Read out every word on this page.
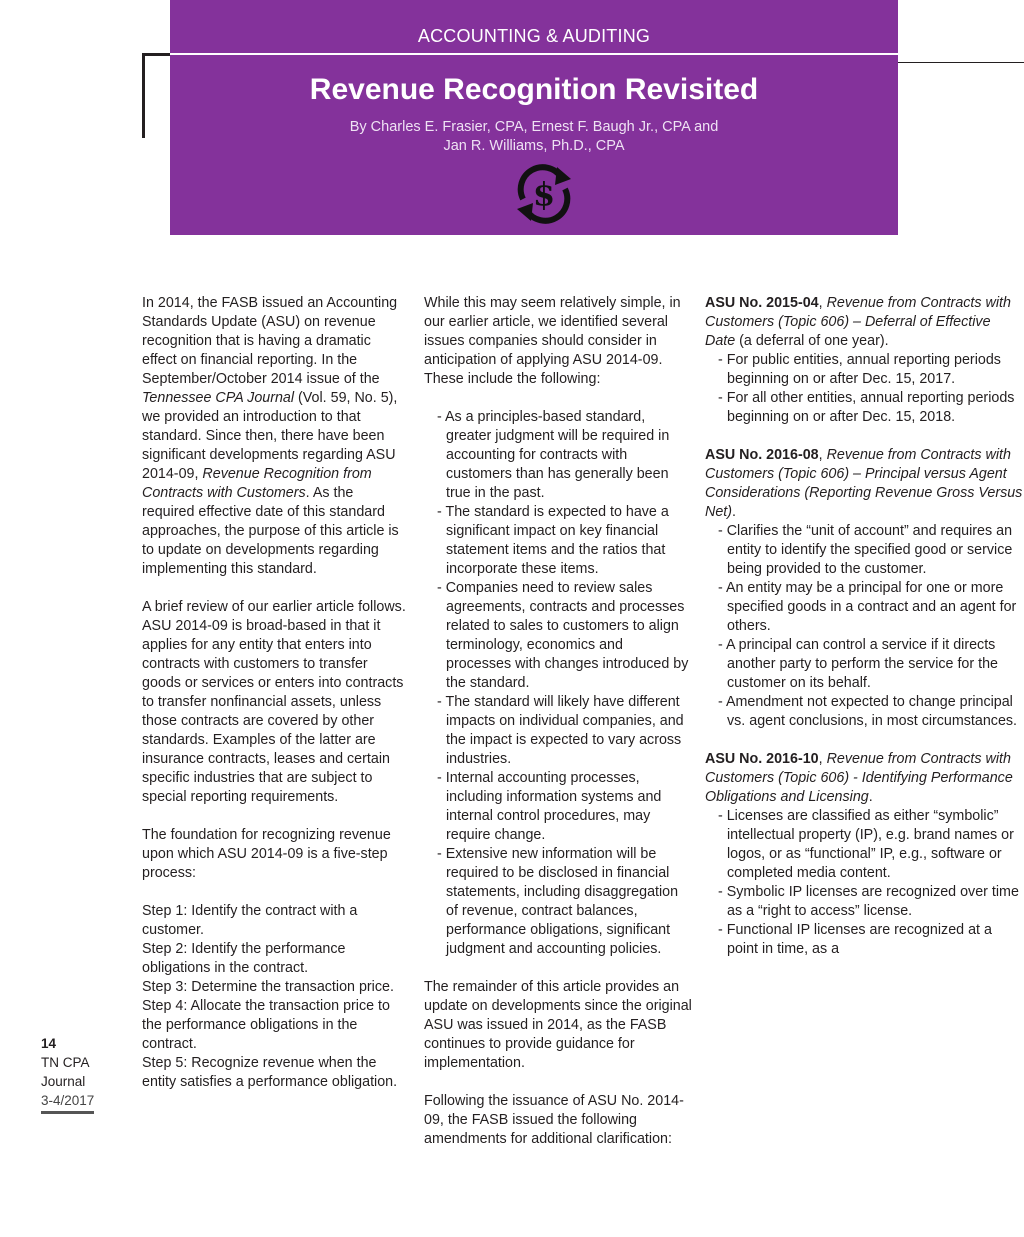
ACCOUNTING & AUDITING
Revenue Recognition Revisited
By Charles E. Frasier, CPA, Ernest F. Baugh Jr., CPA and
Jan R. Williams, Ph.D., CPA
$

In 2014, the FASB issued an Accounting Standards Update (ASU) on revenue recognition that is having a dramatic effect on financial reporting. In the September/October 2014 issue of the Tennessee CPA Journal (Vol. 59, No. 5), we provided an introduction to that standard. Since then, there have been significant developments regarding ASU 2014-09, Revenue Recognition from Contracts with Customers. As the required effective date of this standard approaches, the purpose of this article is to update on developments regarding implementing this standard.

A brief review of our earlier article follows. ASU 2014-09 is broad-based in that it applies for any entity that enters into contracts with customers to transfer goods or services or enters into contracts to transfer nonfinancial assets, unless those contracts are covered by other standards. Examples of the latter are insurance contracts, leases and certain specific industries that are subject to special reporting requirements.

The foundation for recognizing revenue upon which ASU 2014-09 is a five-step process:

Step 1: Identify the contract with a customer.

Step 2: Identify the performance obligations in the contract.

Step 3: Determine the transaction price.

Step 4: Allocate the transaction price to the performance obligations in the contract.

Step 5: Recognize revenue when the entity satisfies a performance obligation.

While this may seem relatively simple, in our earlier article, we identified several issues companies should consider in anticipation of applying ASU 2014-09. These include the following:

- As a principles-based standard, greater judgment will be required in accounting for contracts with customers than has generally been true in the past.

- The standard is expected to have a significant impact on key financial statement items and the ratios that incorporate these items.

- Companies need to review sales agreements, contracts and processes related to sales to customers to align terminology, economics and processes with changes introduced by the standard.

- The standard will likely have different impacts on individual companies, and the impact is expected to vary across industries.

- Internal accounting processes, including information systems and internal control procedures, may require change.

- Extensive new information will be required to be disclosed in financial statements, including disaggregation of revenue, contract balances, performance obligations, significant judgment and accounting policies.

The remainder of this article provides an update on developments since the original ASU was issued in 2014, as the FASB continues to provide guidance for implementation.

Following the issuance of ASU No. 2014-09, the FASB issued the following amendments for additional clarification:

ASU No. 2015-04, Revenue from Contracts with Customers (Topic 606) – Deferral of Effective Date (a deferral of one year).

- For public entities, annual reporting periods beginning on or after Dec. 15, 2017.

- For all other entities, annual reporting periods beginning on or after Dec. 15, 2018.

ASU No. 2016-08, Revenue from Contracts with Customers (Topic 606) – Principal versus Agent Considerations (Reporting Revenue Gross Versus Net).

- Clarifies the “unit of account” and requires an entity to identify the specified good or service being provided to the customer.

- An entity may be a principal for one or more specified goods in a contract and an agent for others.

- A principal can control a service if it directs another party to perform the service for the customer on its behalf.

- Amendment not expected to change principal vs. agent conclusions, in most circumstances.

ASU No. 2016-10, Revenue from Contracts with Customers (Topic 606) - Identifying Performance Obligations and Licensing.

- Licenses are classified as either “symbolic” intellectual property (IP), e.g. brand names or logos, or as “functional” IP, e.g., software or completed media content.

- Symbolic IP licenses are recognized over time as a “right to access” license.

- Functional IP licenses are recognized at a point in time, as a

14
TN CPA
Journal
3-4/2017
